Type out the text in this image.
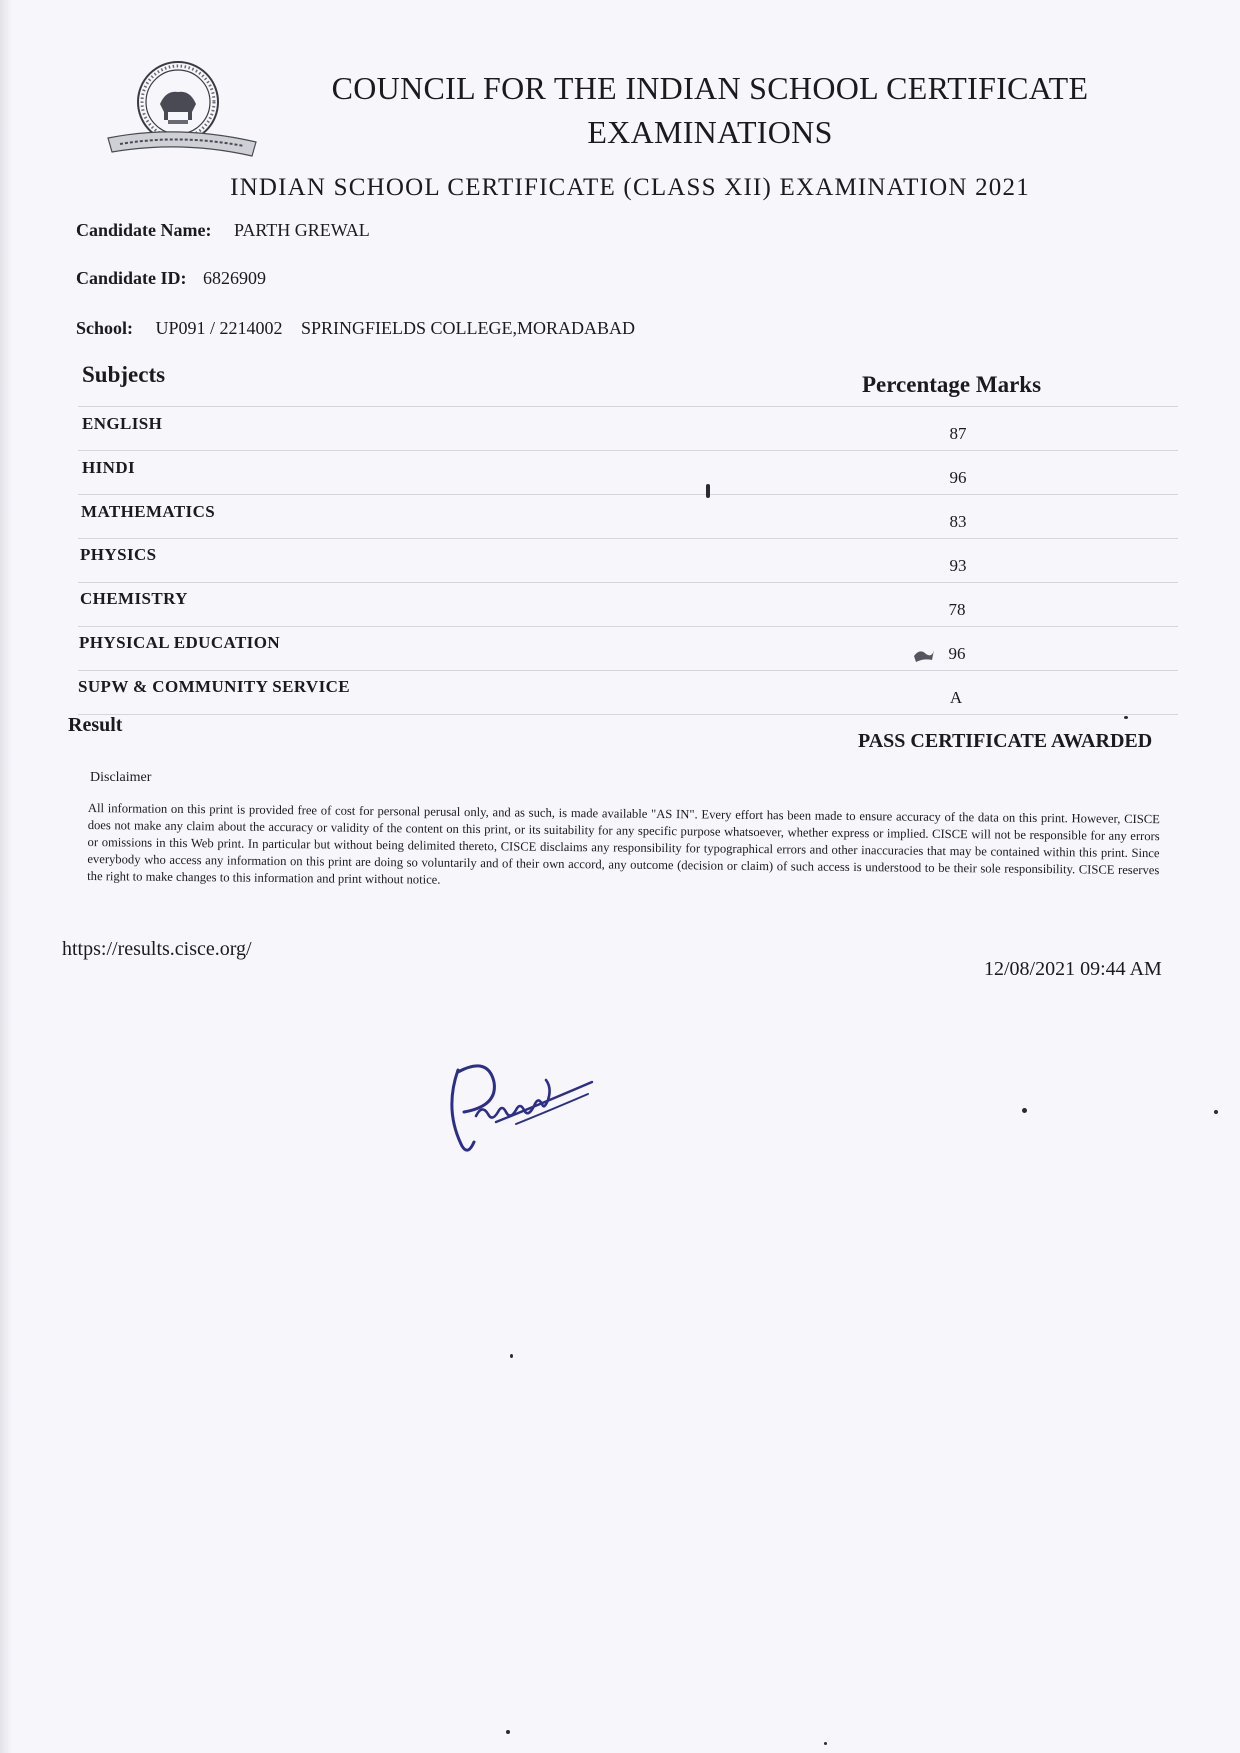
COUNCIL FOR THE INDIAN SCHOOL CERTIFICATE
EXAMINATIONS
INDIAN SCHOOL CERTIFICATE (CLASS XII) EXAMINATION 2021
Candidate Name: PARTH GREWAL
Candidate ID: 6826909
School: UP091 / 2214002 SPRINGFIELDS COLLEGE,MORADABAD
Subjects	Percentage Marks
ENGLISH
87
HINDI
96
MATHEMATICS
83
PHYSICS
93
CHEMISTRY
78
PHYSICAL EDUCATION
96
SUPW & COMMUNITY SERVICE
A
Result
PASS CERTIFICATE AWARDED
Disclaimer
All information on this print is provided free of cost for personal perusal only, and as such, is made available "AS IN". Every effort has been made to ensure accuracy of the data on this print. However, CISCE does not make any claim about the accuracy or validity of the content on this print, or its suitability for any specific purpose whatsoever, whether express or implied. CISCE will not be responsible for any errors or omissions in this Web print. In particular but without being delimited thereto, CISCE disclaims any responsibility for typographical errors and other inaccuracies that may be contained within this print. Since everybody who access any information on this print are doing so voluntarily and of their own accord, any outcome (decision or claim) of such access is understood to be their sole responsibility. CISCE reserves the right to make changes to this information and print without notice.
https://results.cisce.org/
12/08/2021 09:44 AM
